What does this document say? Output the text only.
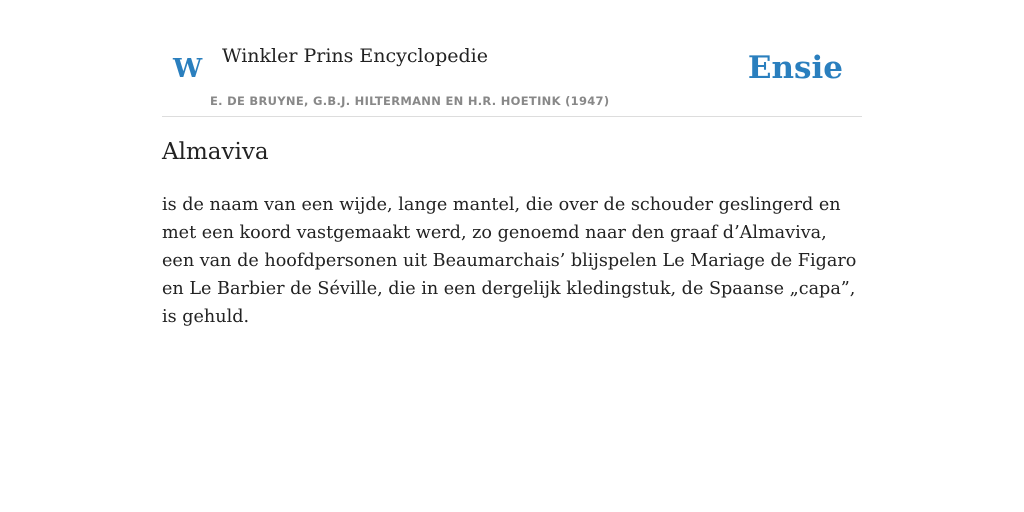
W Winkler Prins Encyclopedie
E. DE BRUYNE, G.B.J. HILTERMANN EN H.R. HOETINK (1947)
Ensie
Almaviva

is de naam van een wijde, lange mantel, die over de schouder geslingerd en met een koord vastgemaakt werd, zo genoemd naar den graaf d’Almaviva, een van de hoofdpersonen uit Beaumarchais’ blijspelen Le Mariage de Figaro en Le Barbier de Séville, die in een dergelijk kledingstuk, de Spaanse „capa”, is gehuld.
